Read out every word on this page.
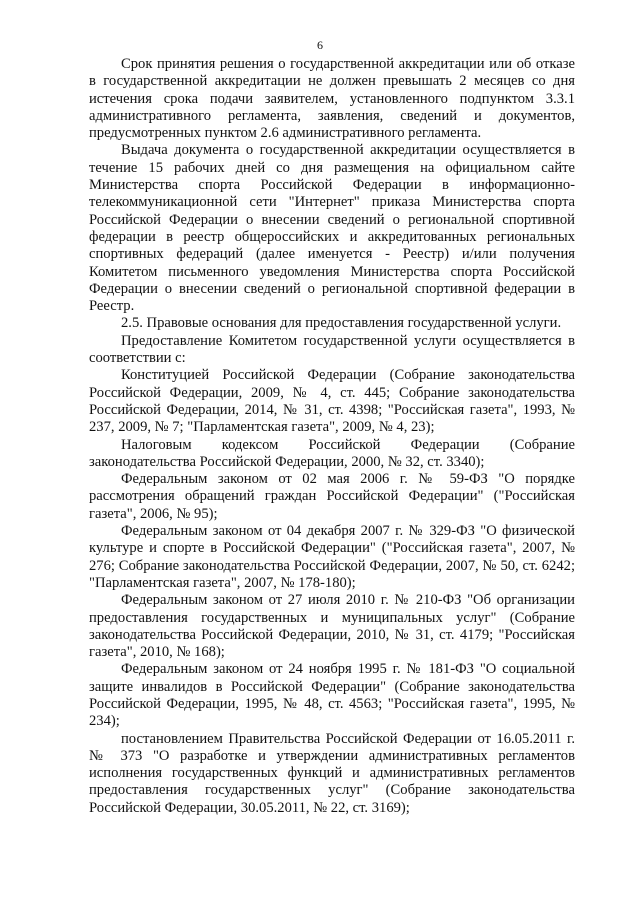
6

Срок принятия решения о государственной аккредитации или об отказе в государственной аккредитации не должен превышать 2 месяцев со дня истечения срока подачи заявителем, установленного подпунктом 3.3.1 административного регламента, заявления, сведений и документов, предусмотренных пунктом 2.6 административного регламента.

Выдача документа о государственной аккредитации осуществляется в течение 15 рабочих дней со дня размещения на официальном сайте Министерства спорта Российской Федерации в информационно-телекоммуникационной сети "Интернет" приказа Министерства спорта Российской Федерации о внесении сведений о региональной спортивной федерации в реестр общероссийских и аккредитованных региональных спортивных федераций (далее именуется - Реестр) и/или получения Комитетом письменного уведомления Министерства спорта Российской Федерации о внесении сведений о региональной спортивной федерации в Реестр.

2.5. Правовые основания для предоставления государственной услуги.

Предоставление Комитетом государственной услуги осуществляется в соответствии с:

Конституцией Российской Федерации (Собрание законодательства Российской Федерации, 2009, № 4, ст. 445; Собрание законодательства Российской Федерации, 2014, № 31, ст. 4398; "Российская газета", 1993, № 237, 2009, № 7; "Парламентская газета", 2009, № 4, 23);

Налоговым кодексом Российской Федерации (Собрание законодательства Российской Федерации, 2000, № 32, ст. 3340);

Федеральным законом от 02 мая 2006 г. № 59-ФЗ "О порядке рассмотрения обращений граждан Российской Федерации" ("Российская газета", 2006, № 95);

Федеральным законом от 04 декабря 2007 г. № 329-ФЗ "О физической культуре и спорте в Российской Федерации" ("Российская газета", 2007, № 276; Собрание законодательства Российской Федерации, 2007, № 50, ст. 6242; "Парламентская газета", 2007, № 178-180);

Федеральным законом от 27 июля 2010 г. № 210-ФЗ "Об организации предоставления государственных и муниципальных услуг" (Собрание законодательства Российской Федерации, 2010, № 31, ст. 4179; "Российская газета", 2010, № 168);

Федеральным законом от 24 ноября 1995 г. № 181-ФЗ "О социальной защите инвалидов в Российской Федерации" (Собрание законодательства Российской Федерации, 1995, № 48, ст. 4563; "Российская газета", 1995, № 234);

постановлением Правительства Российской Федерации от 16.05.2011 г. № 373 "О разработке и утверждении административных регламентов исполнения государственных функций и административных регламентов предоставления государственных услуг" (Собрание законодательства Российской Федерации, 30.05.2011, № 22, ст. 3169);
